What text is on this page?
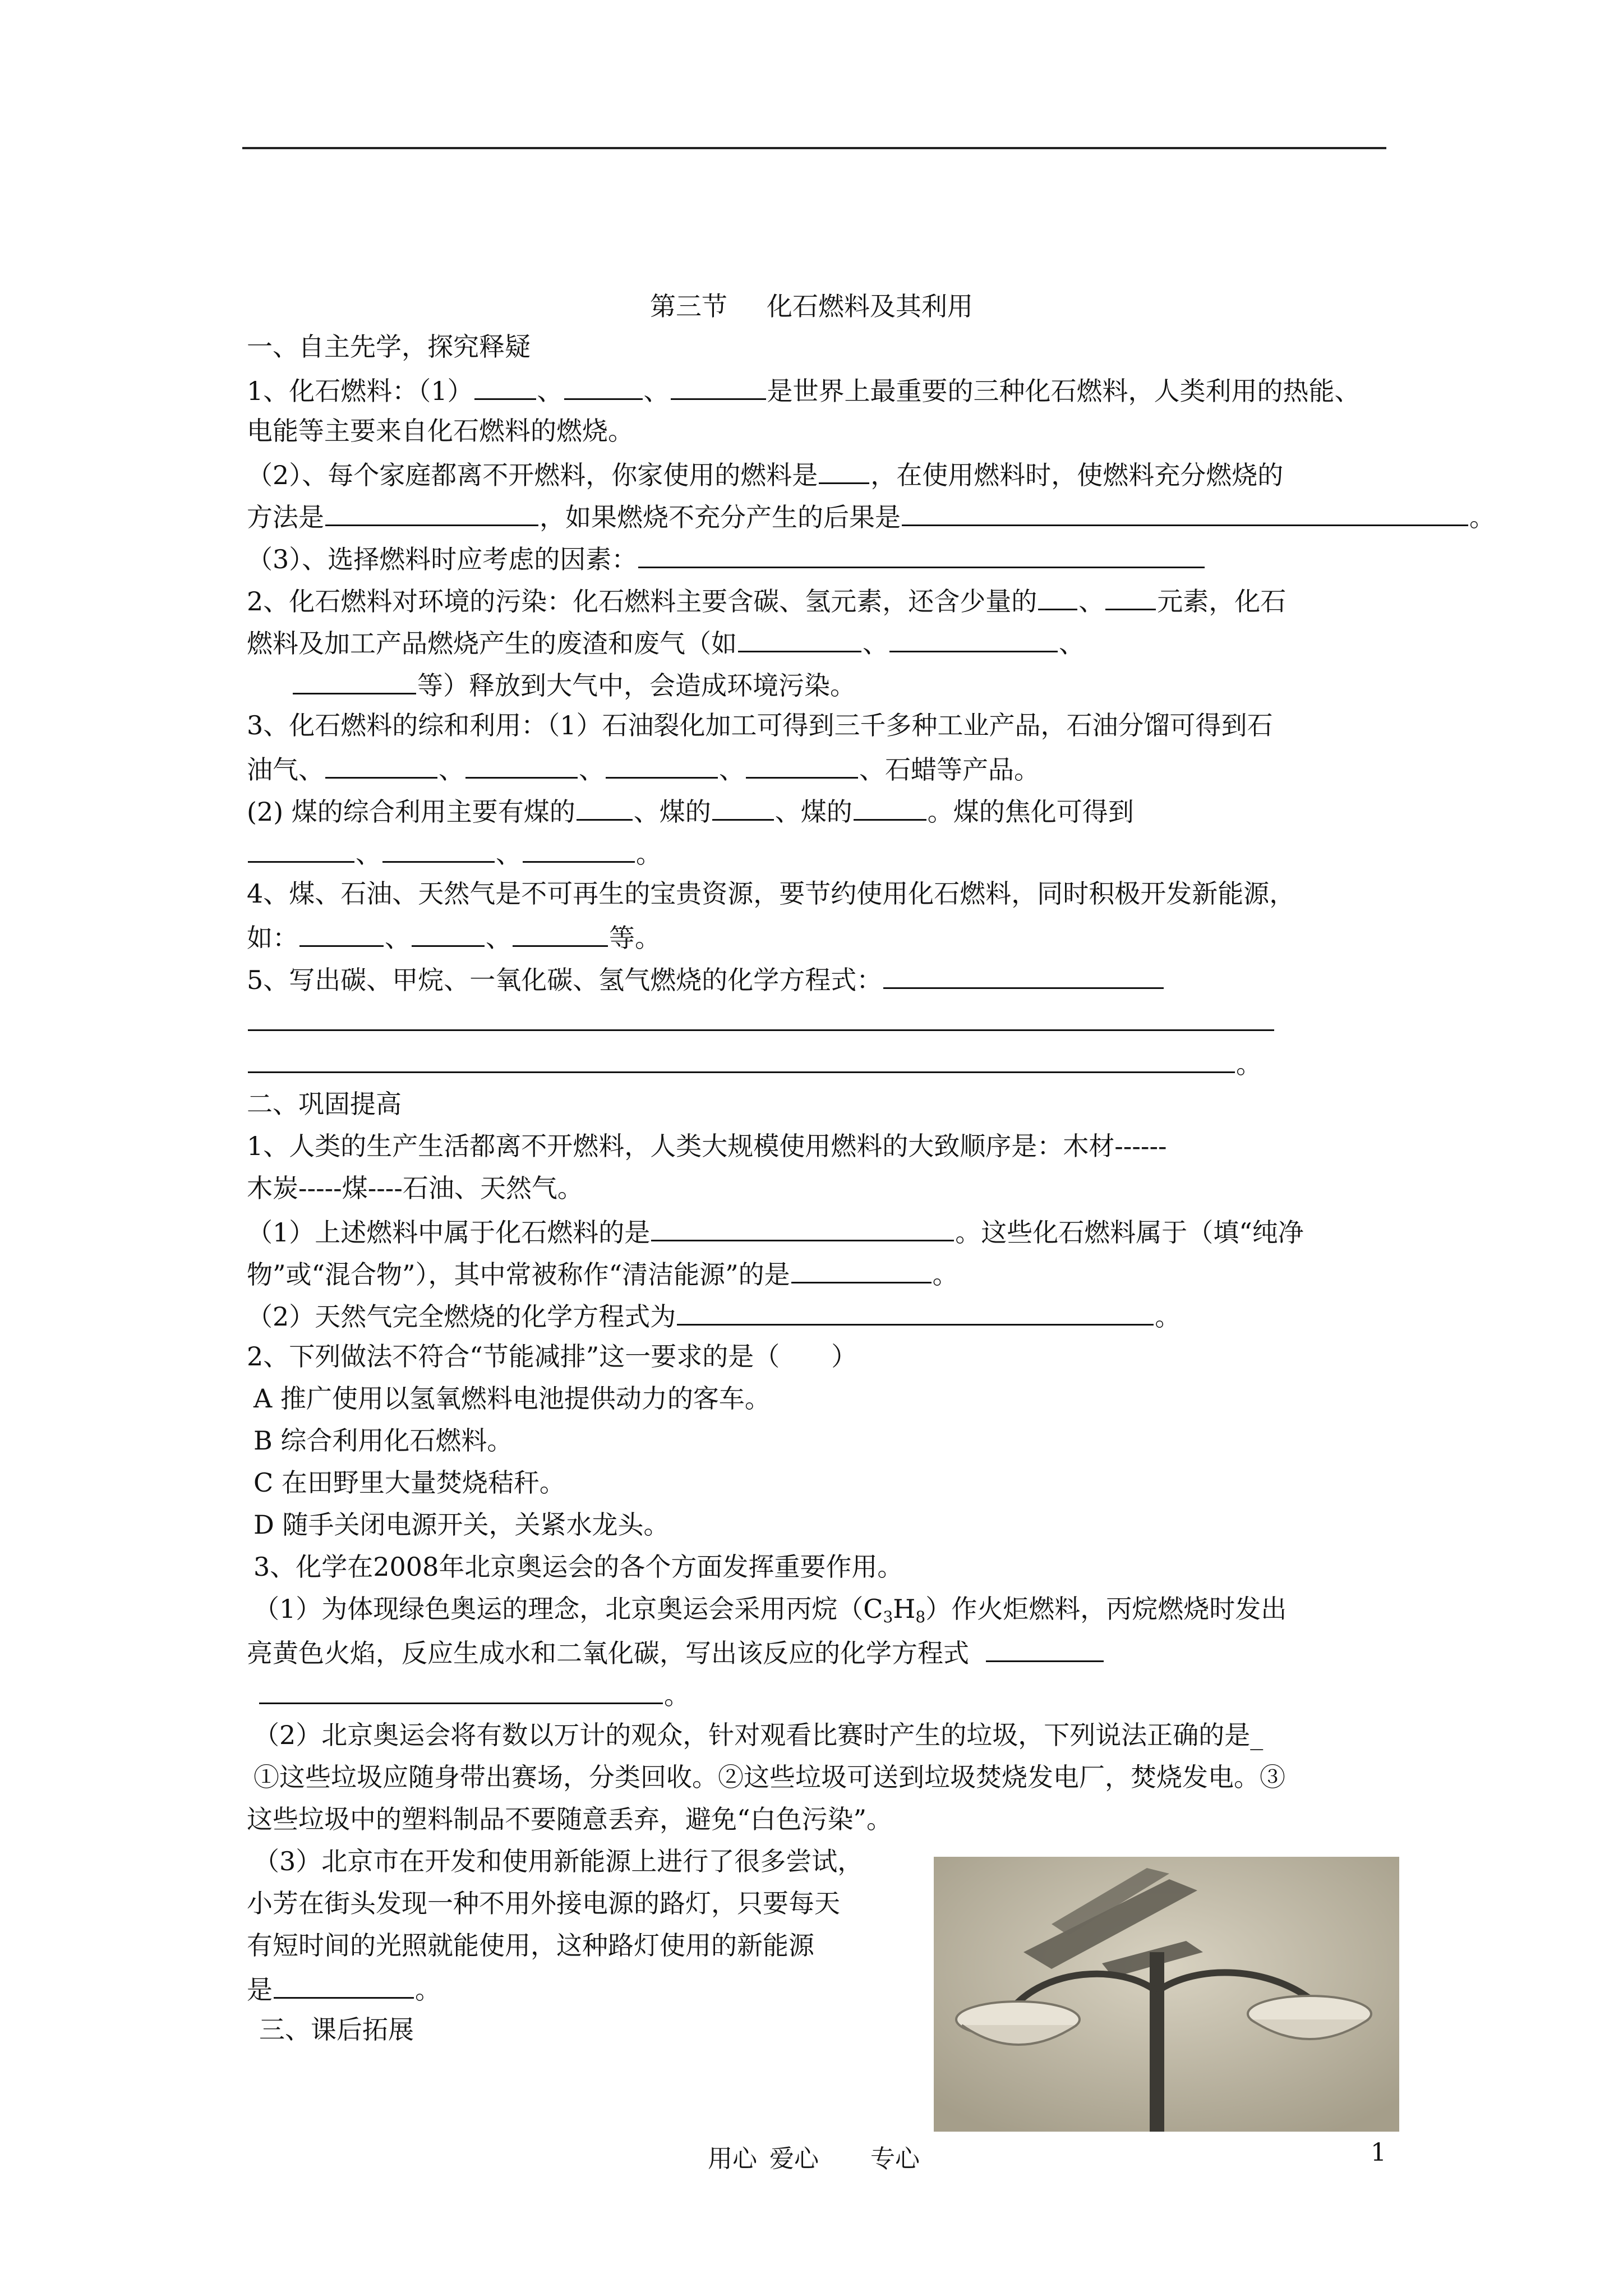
第三节 化石燃料及其利用
一、自主先学，探究释疑
1、化石燃料：（1） 、	、	是世界上最重要的三种化石燃料，人类利用的热能、
电能等主要来自化石燃料的燃烧。
（2）、每个家庭都离不开燃料，你家使用的燃料是 ，在使用燃料时，使燃料充分燃烧的
方法是	，如果燃烧不充分产生的后果是	。
（3）、选择燃料时应考虑的因素：
2、化石燃料对环境的污染：化石燃料主要含碳、氢元素，还含少量的 、 元素，化石
燃料及加工产品燃烧产生的废渣和废气（如	、	、
等）释放到大气中，会造成环境污染。
3、化石燃料的综和利用：（1）石油裂化加工可得到三千多种工业产品，石油分馏可得到石
油气、	、	、	、	、石蜡等产品。
(2) 煤的综合利用主要有煤的 、煤的 、煤的	。煤的焦化可得到
、	、	。
4、煤、石油、天然气是不可再生的宝贵资源，要节约使用化石燃料，同时积极开发新能源，
如：	、	、	等。
5、写出碳、甲烷、一氧化碳、氢气燃烧的化学方程式：
。
二、巩固提高
1、人类的生产生活都离不开燃料，人类大规模使用燃料的大致顺序是：木材------
木炭-----煤----石油、天然气。
（1）上述燃料中属于化石燃料的是	。这些化石燃料属于（填“纯净
物”或“混合物”），其中常被称作“清洁能源”的是	。
（2）天然气完全燃烧的化学方程式为	。
2、下列做法不符合“节能减排”这一要求的是（　　）
A 推广使用以氢氧燃料电池提供动力的客车。
B 综合利用化石燃料。
C 在田野里大量焚烧秸秆。
D 随手关闭电源开关，关紧水龙头。
3、化学在2008年北京奥运会的各个方面发挥重要作用。
（1）为体现绿色奥运的理念，北京奥运会采用丙烷$(C_3H_8)$作火炬燃料，丙烷燃烧时发出
亮黄色火焰，反应生成水和二氧化碳，写出该反应的化学方程式
。
（2）北京奥运会将有数以万计的观众，针对观看比赛时产生的垃圾，下列说法正确的是_
①这些垃圾应随身带出赛场，分类回收。②这些垃圾可送到垃圾焚烧发电厂，焚烧发电。③
这些垃圾中的塑料制品不要随意丢弃，避免“白色污染”。
（3）北京市在开发和使用新能源上进行了很多尝试，
小芳在街头发现一种不用外接电源的路灯，只要每天
有短时间的光照就能使用，这种路灯使用的新能源
是	。
三、课后拓展
用心 爱心 专心	1
